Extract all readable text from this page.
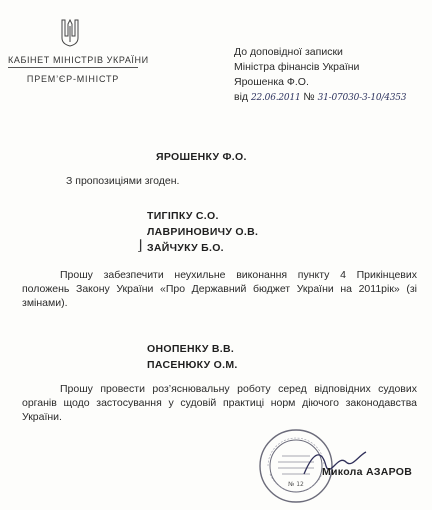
КАБІНЕТ МІНІСТРІВ УКРАЇНИ
ПРЕМ’ЄР-МІНІСТР
До доповідної записки
Міністра фінансів України
Ярошенка Ф.О.
від 22.06.2011 № 31-07030-3-10/4353
ЯРОШЕНКУ Ф.О.
З пропозиціями згоден.
ТИГІПКУ С.О.
ЛАВРИНОВИЧУ О.В.
⌋ ЗАЙЧУКУ Б.О.
Прошу забезпечити неухильне виконання пункту 4 Прикінцевих положень Закону України «Про Державний бюджет України на 2011рік» (зі змінами).
ОНОПЕНКУ В.В.
ПАСЕНЮКУ О.М.
Прошу провести роз’яснювальну роботу серед відповідних судових органів щодо застосування у судовій практиці норм діючого законодавства України.
№ 12
Микола АЗАРОВ
